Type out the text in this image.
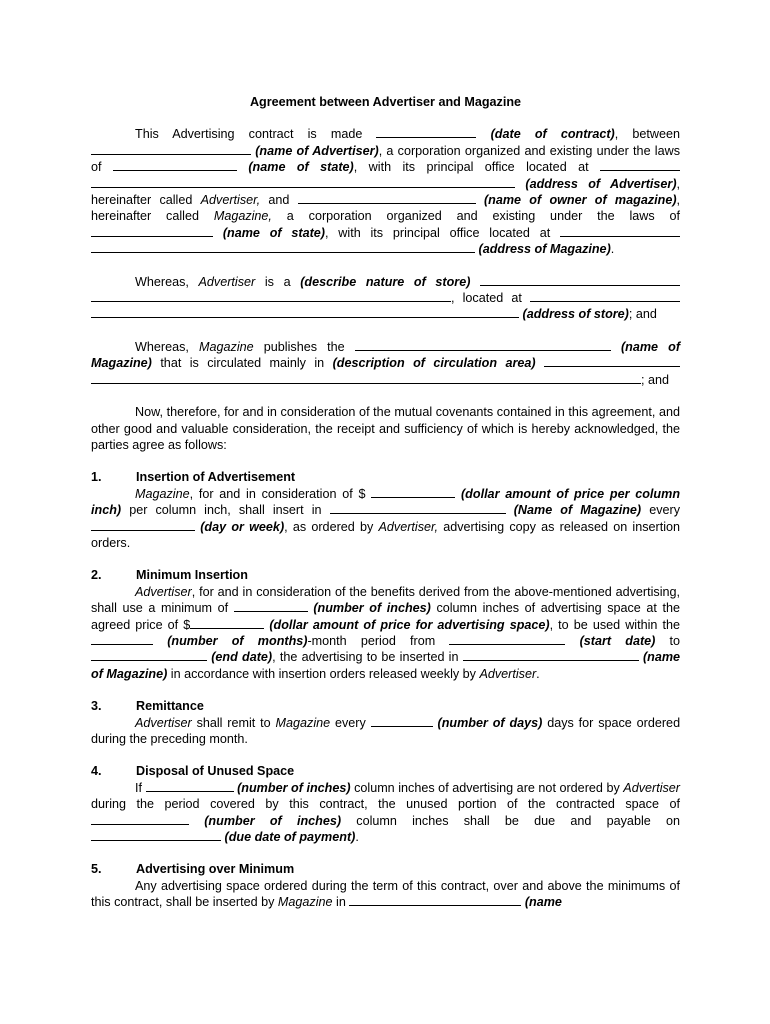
Agreement between Advertiser and Magazine

This Advertising contract is made	(date of contract), between  (name of Advertiser), a corporation organized and existing under the laws of	(name of state), with its principal office located at   (address of Advertiser), hereinafter called Advertiser, and	(name of owner of magazine), hereinafter called Magazine, a corporation organized and existing under the laws of  (name of state), with its principal office located at   (address of Magazine).

Whereas, Advertiser is a (describe nature of store)  , located at   (address of store); and

Whereas, Magazine publishes the	(name of Magazine) that is circulated mainly in (description of circulation area)  ; and

Now, therefore, for and in consideration of the mutual covenants contained in this agreement, and other good and valuable consideration, the receipt and sufficiency of which is hereby acknowledged, the parties agree as follows:

1.	Insertion of Advertisement
Magazine, for and in consideration of $	(dollar amount of price per column inch) per column inch, shall insert in	(Name of Magazine) every  (day or week), as ordered by Advertiser, advertising copy as released on insertion orders.
2.	Minimum Insertion
Advertiser, for and in consideration of the benefits derived from the above-mentioned advertising, shall use a minimum of	(number of inches) column inches of advertising space at the agreed price of $	(dollar amount of price for advertising space), to be used within the  (number of months)-month period from	(start date) to  (end date), the advertising to be inserted in	(name of Magazine) in accordance with insertion orders released weekly by Advertiser.
3.	Remittance
Advertiser shall remit to Magazine every	(number of days) days for space ordered during the preceding month.
4.	Disposal of Unused Space
If	(number of inches) column inches of advertising are not ordered by Advertiser during the period covered by this contract, the unused portion of the contracted space of  (number of inches) column inches shall be due and payable on  (due date of payment).
5.	Advertising over Minimum
Any advertising space ordered during the term of this contract, over and above the minimums of this contract, shall be inserted by Magazine in	(name
